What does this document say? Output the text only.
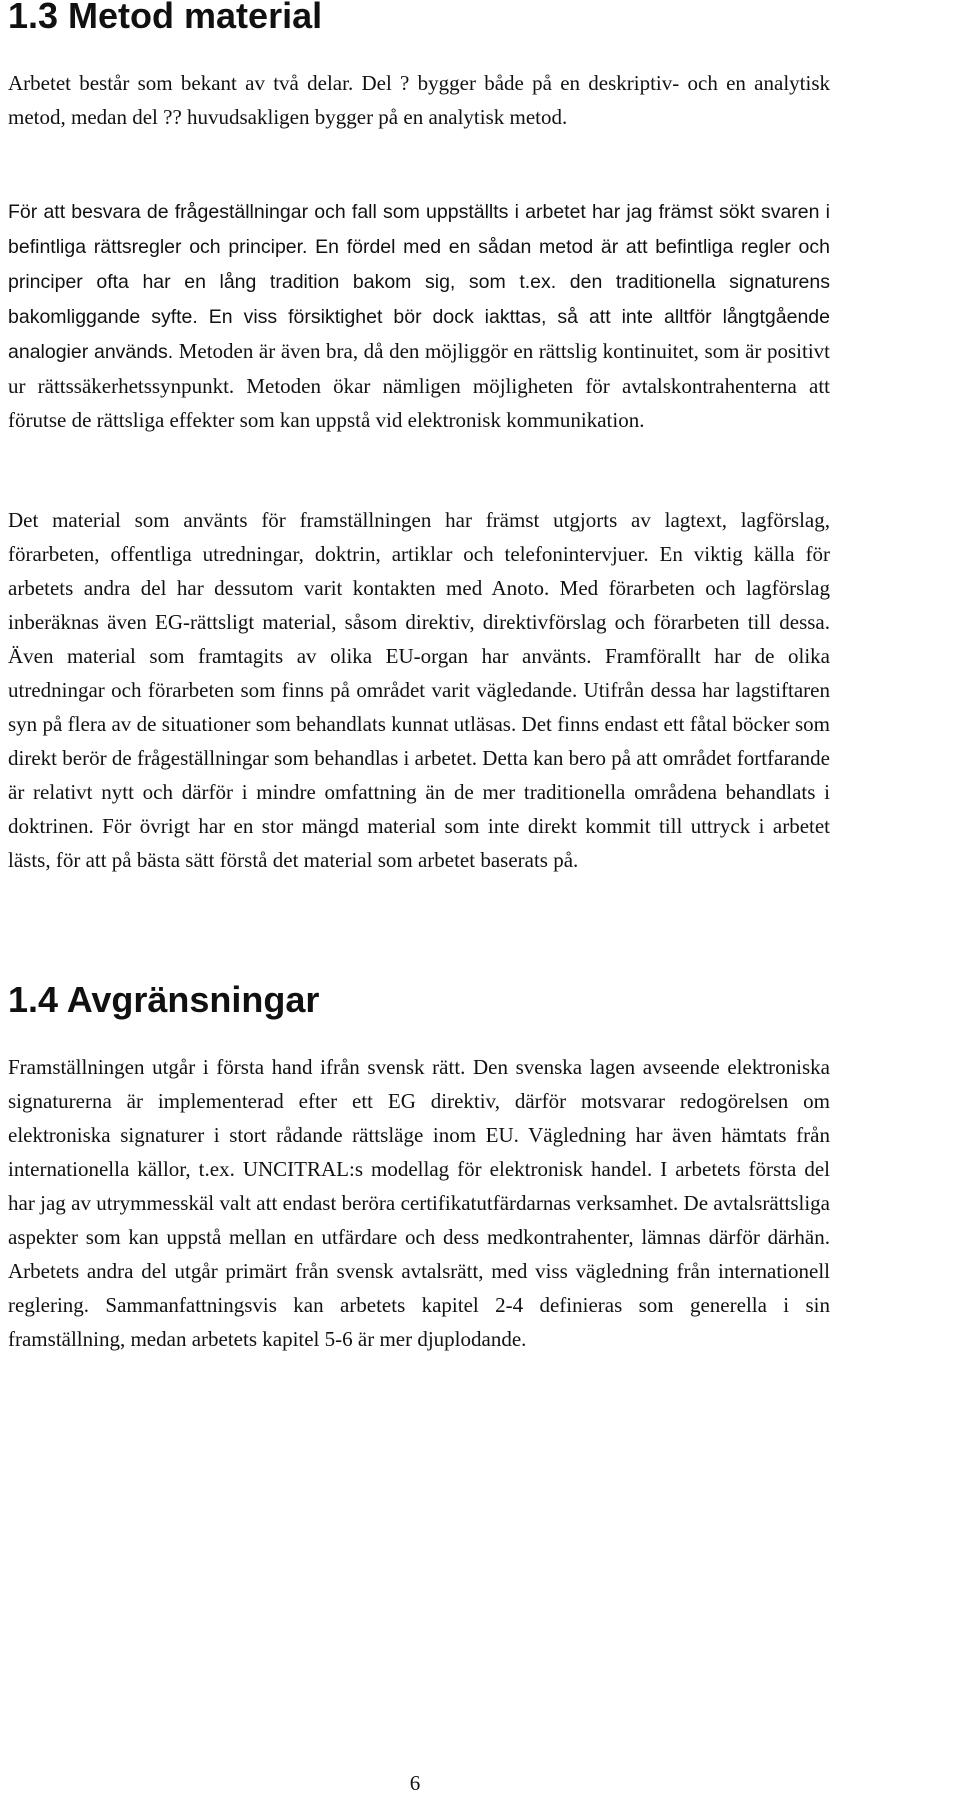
1.3 Metod material

Arbetet består som bekant av två delar. Del ? bygger både på en deskriptiv- och en analytisk metod, medan del ?? huvudsakligen bygger på en analytisk metod.

För att besvara de frågeställningar och fall som uppställts i arbetet har jag främst sökt svaren i befintliga rättsregler och principer. En fördel med en sådan metod är att befintliga regler och principer ofta har en lång tradition bakom sig, som t.ex. den traditionella signaturens bakomliggande syfte. En viss försiktighet bör dock iakttas, så att inte alltför långtgående analogier används. Metoden är även bra, då den möjliggör en rättslig kontinuitet, som är positivt ur rättssäkerhetssynpunkt. Metoden ökar nämligen möjligheten för avtalskontrahenterna att förutse de rättsliga effekter som kan uppstå vid elektronisk kommunikation.

Det material som använts för framställningen har främst utgjorts av lagtext, lagförslag, förarbeten, offentliga utredningar, doktrin, artiklar och telefonintervjuer. En viktig källa för arbetets andra del har dessutom varit kontakten med Anoto. Med förarbeten och lagförslag inberäknas även EG-rättsligt material, såsom direktiv, direktivförslag och förarbeten till dessa. Även material som framtagits av olika EU-organ har använts. Framförallt har de olika utredningar och förarbeten som finns på området varit vägledande. Utifrån dessa har lagstiftaren syn på flera av de situationer som behandlats kunnat utläsas. Det finns endast ett fåtal böcker som direkt berör de frågeställningar som behandlas i arbetet. Detta kan bero på att området fortfarande är relativt nytt och därför i mindre omfattning än de mer traditionella områdena behandlats i doktrinen. För övrigt har en stor mängd material som inte direkt kommit till uttryck i arbetet lästs, för att på bästa sätt förstå det material som arbetet baserats på.

1.4 Avgränsningar

Framställningen utgår i första hand ifrån svensk rätt. Den svenska lagen avseende elektroniska signaturerna är implementerad efter ett EG direktiv, därför motsvarar redogörelsen om elektroniska signaturer i stort rådande rättsläge inom EU. Vägledning har även hämtats från internationella källor, t.ex. UNCITRAL:s modellag för elektronisk handel. I arbetets första del har jag av utrymmesskäl valt att endast beröra certifikatutfärdarnas verksamhet. De avtalsrättsliga aspekter som kan uppstå mellan en utfärdare och dess medkontrahenter, lämnas därför därhän. Arbetets andra del utgår primärt från svensk avtalsrätt, med viss vägledning från internationell reglering. Sammanfattningsvis kan arbetets kapitel 2-4 definieras som generella i sin framställning, medan arbetets kapitel 5-6 är mer djuplodande.

6
